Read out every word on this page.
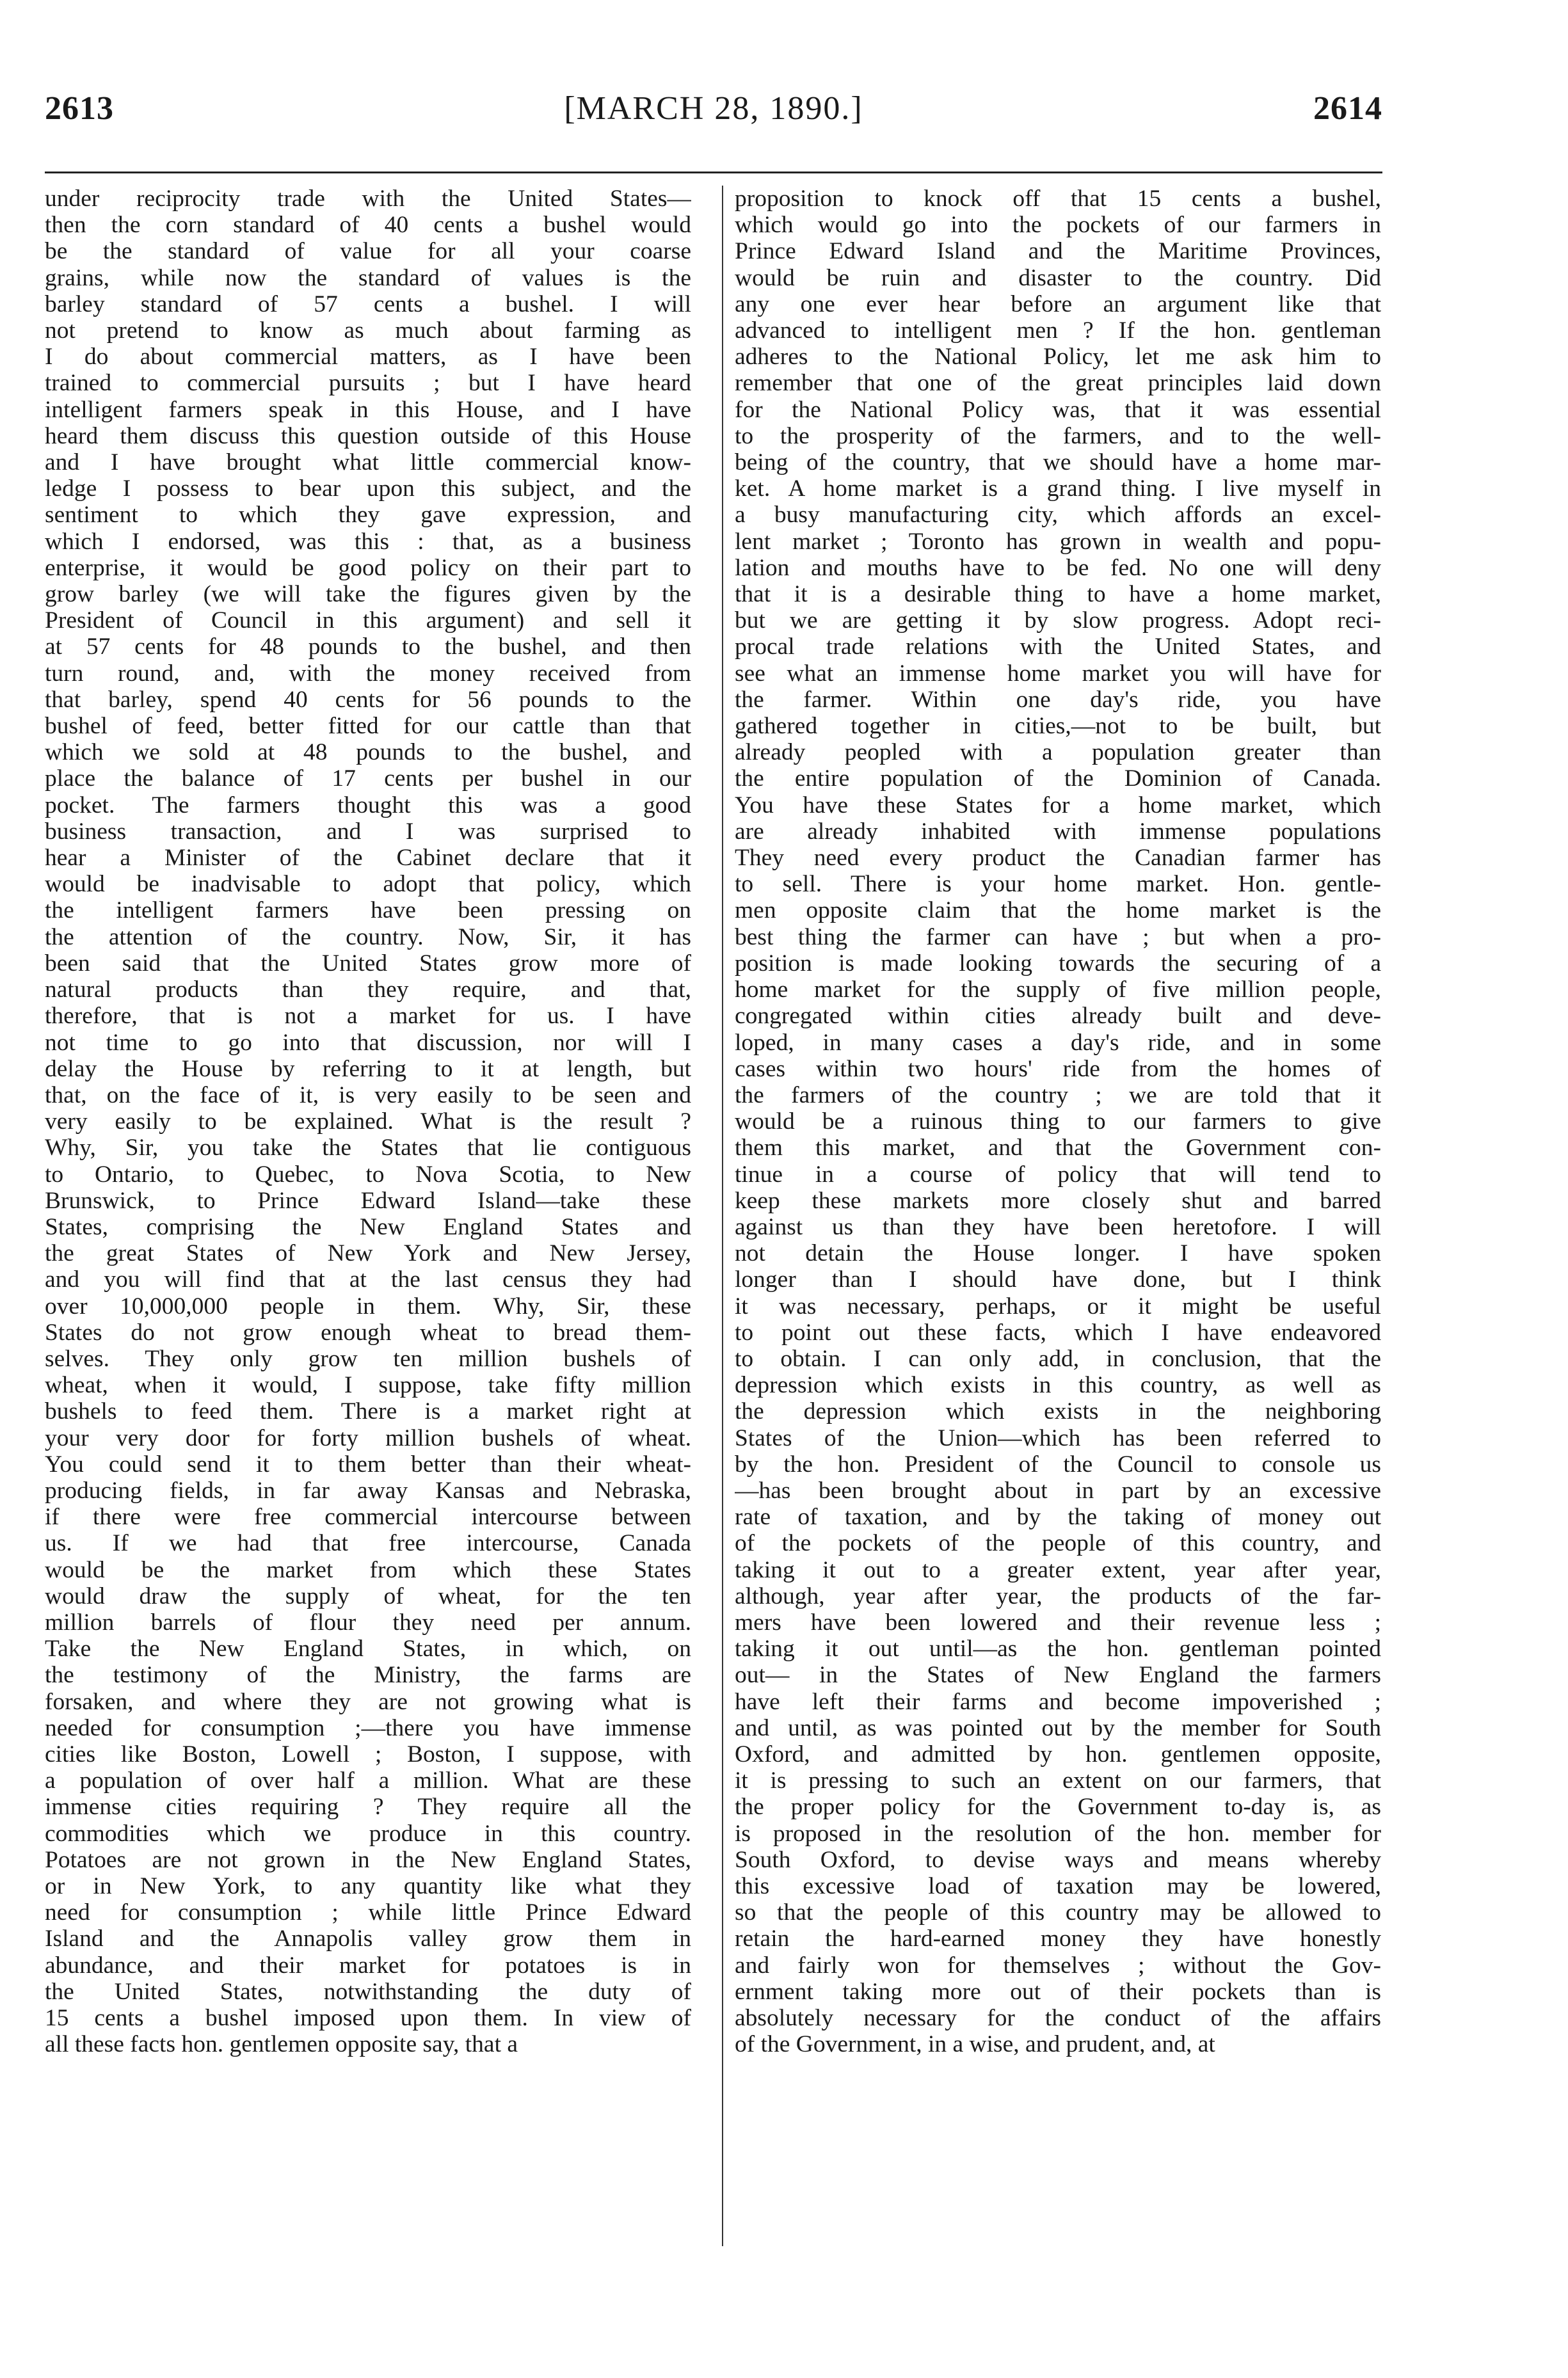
2613	[MARCH 28, 1890.]	2614

under reciprocity trade with the United States—
then the corn standard of 40 cents a bushel would
be the standard of value for all your coarse
grains, while now the standard of values is the
barley standard of 57 cents a bushel. I will
not pretend to know as much about farming as
I do about commercial matters, as I have been
trained to commercial pursuits ; but I have heard
intelligent farmers speak in this House, and I have
heard them discuss this question outside of this House
and I have brought what little commercial know-
ledge I possess to bear upon this subject, and the
sentiment to which they gave expression, and
which I endorsed, was this : that, as a business
enterprise, it would be good policy on their part to
grow barley (we will take the figures given by the
President of Council in this argument) and sell it
at 57 cents for 48 pounds to the bushel, and then
turn round, and, with the money received from
that barley, spend 40 cents for 56 pounds to the
bushel of feed, better fitted for our cattle than that
which we sold at 48 pounds to the bushel, and
place the balance of 17 cents per bushel in our
pocket. The farmers thought this was a good
business transaction, and I was surprised to
hear a Minister of the Cabinet declare that it
would be inadvisable to adopt that policy, which
the intelligent farmers have been pressing on
the attention of the country. Now, Sir, it has
been said that the United States grow more of
natural products than they require, and that,
therefore, that is not a market for us. I have
not time to go into that discussion, nor will I
delay the House by referring to it at length, but
that, on the face of it, is very easily to be seen and
very easily to be explained. What is the result ?
Why, Sir, you take the States that lie contiguous
to Ontario, to Quebec, to Nova Scotia, to New
Brunswick, to Prince Edward Island—take these
States, comprising the New England States and
the great States of New York and New Jersey,
and you will find that at the last census they had
over 10,000,000 people in them. Why, Sir, these
States do not grow enough wheat to bread them-
selves. They only grow ten million bushels of
wheat, when it would, I suppose, take fifty million
bushels to feed them. There is a market right at
your very door for forty million bushels of wheat.
You could send it to them better than their wheat-
producing fields, in far away Kansas and Nebraska,
if there were free commercial intercourse between
us. If we had that free intercourse, Canada
would be the market from which these States
would draw the supply of wheat, for the ten
million barrels of flour they need per annum.
Take the New England States, in which, on
the testimony of the Ministry, the farms are
forsaken, and where they are not growing what is
needed for consumption ;—there you have immense
cities like Boston, Lowell ; Boston, I suppose, with
a population of over half a million. What are these
immense cities requiring ? They require all the
commodities which we produce in this country.
Potatoes are not grown in the New England States,
or in New York, to any quantity like what they
need for consumption ; while little Prince Edward
Island and the Annapolis valley grow them in
abundance, and their market for potatoes is in
the United States, notwithstanding the duty of
15 cents a bushel imposed upon them. In view of
all these facts hon. gentlemen opposite say, that a

proposition to knock off that 15 cents a bushel,
which would go into the pockets of our farmers in
Prince Edward Island and the Maritime Provinces,
would be ruin and disaster to the country. Did
any one ever hear before an argument like that
advanced to intelligent men ? If the hon. gentleman
adheres to the National Policy, let me ask him to
remember that one of the great principles laid down
for the National Policy was, that it was essential
to the prosperity of the farmers, and to the well-
being of the country, that we should have a home mar-
ket. A home market is a grand thing. I live myself in
a busy manufacturing city, which affords an excel-
lent market ; Toronto has grown in wealth and popu-
lation and mouths have to be fed. No one will deny
that it is a desirable thing to have a home market,
but we are getting it by slow progress. Adopt reci-
procal trade relations with the United States, and
see what an immense home market you will have for
the farmer. Within one day's ride, you have
gathered together in cities,—not to be built, but
already peopled with a population greater than
the entire population of the Dominion of Canada.
You have these States for a home market, which
are already inhabited with immense populations
They need every product the Canadian farmer has
to sell. There is your home market. Hon. gentle-
men opposite claim that the home market is the
best thing the farmer can have ; but when a pro-
position is made looking towards the securing of a
home market for the supply of five million people,
congregated within cities already built and deve-
loped, in many cases a day's ride, and in some
cases within two hours' ride from the homes of
the farmers of the country ; we are told that it
would be a ruinous thing to our farmers to give
them this market, and that the Government con-
tinue in a course of policy that will tend to
keep these markets more closely shut and barred
against us than they have been heretofore. I will
not detain the House longer. I have spoken
longer than I should have done, but I think
it was necessary, perhaps, or it might be useful
to point out these facts, which I have endeavored
to obtain. I can only add, in conclusion, that the
depression which exists in this country, as well as
the depression which exists in the neighboring
States of the Union—which has been referred to
by the hon. President of the Council to console us
—has been brought about in part by an excessive
rate of taxation, and by the taking of money out
of the pockets of the people of this country, and
taking it out to a greater extent, year after year,
although, year after year, the products of the far-
mers have been lowered and their revenue less ;
taking it out until—as the hon. gentleman pointed
out— in the States of New England the farmers
have left their farms and become impoverished ;
and until, as was pointed out by the member for South
Oxford, and admitted by hon. gentlemen opposite,
it is pressing to such an extent on our farmers, that
the proper policy for the Government to-day is, as
is proposed in the resolution of the hon. member for
South Oxford, to devise ways and means whereby
this excessive load of taxation may be lowered,
so that the people of this country may be allowed to
retain the hard-earned money they have honestly
and fairly won for themselves ; without the Gov-
ernment taking more out of their pockets than is
absolutely necessary for the conduct of the affairs
of the Government, in a wise, and prudent, and, at
